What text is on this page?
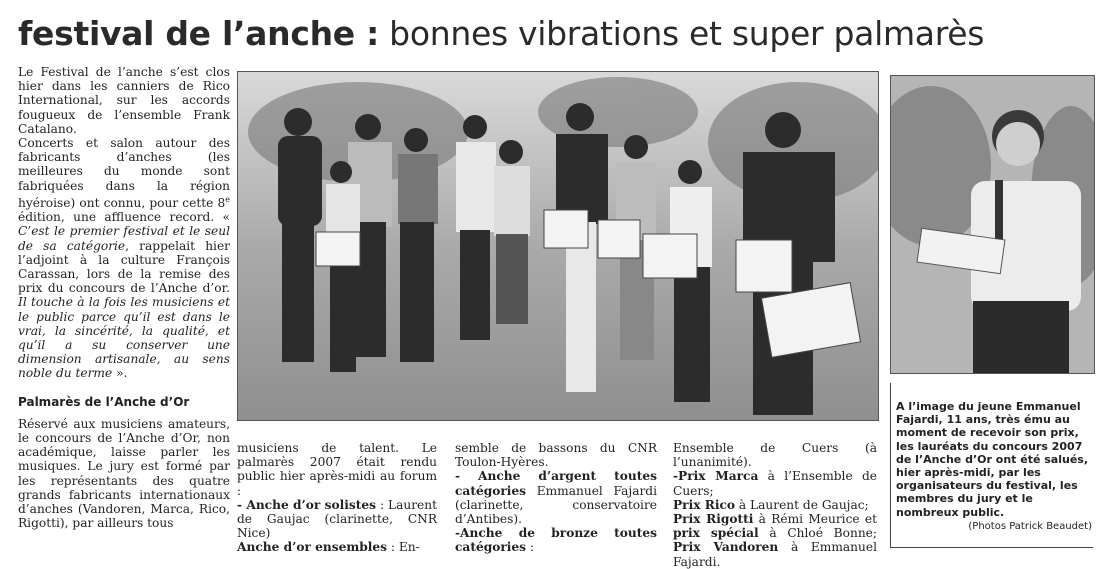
festival de l’anche : bonnes vibrations et super palmarès

Le Festival de l’anche s’est clos hier dans les canniers de Rico International, sur les accords fougueux de l’ensemble Frank Catalano.

Concerts et salon autour des fabricants d’anches (les meilleures du monde sont fabriquées dans la région hyéroise) ont connu, pour cette 8e édition, une affluence record. « C’est le premier festival et le seul de sa catégorie, rappelait hier l’adjoint à la culture François Carassan, lors de la remise des prix du concours de l’Anche d’or. Il touche à la fois les musiciens et le public parce qu’il est dans le vrai, la sincérité, la qualité, et qu’il a su conserver une dimension artisanale, au sens noble du terme ».

Palmarès de l’Anche d’Or

Réservé aux musiciens amateurs, le concours de l’Anche d’Or, non académique, laisse parler les musiques. Le jury est formé par les représentants des quatre grands fabricants internationaux d’anches (Vandoren, Marca, Rico, Rigotti), par ailleurs tous

musiciens de talent. Le palmarès 2007 était rendu public hier après-midi au forum :
- Anche d’or solistes : Laurent de Gaujac (clarinette, CNR Nice)
Anche d’or ensembles : En-

semble de bassons du CNR Toulon-Hyères.
- Anche d’argent toutes catégories Emmanuel Fajardi (clarinette, conservatoire d’Antibes).
-Anche de bronze toutes catégories :

Ensemble de Cuers (à l’unanimité).
-Prix Marca à l’Ensemble de Cuers;
Prix Rico à Laurent de Gaujac;
Prix Rigotti à Rémi Meurice et prix spécial à Chloé Bonne; Prix Vandoren à Emmanuel Fajardi.

A l’image du jeune Emmanuel Fajardi, 11 ans, très ému au moment de recevoir son prix, les lauréats du concours 2007 de l’Anche d’Or ont été salués, hier après-midi, par les organisateurs du festival, les membres du jury et le nombreux public.
(Photos Patrick Beaudet)
